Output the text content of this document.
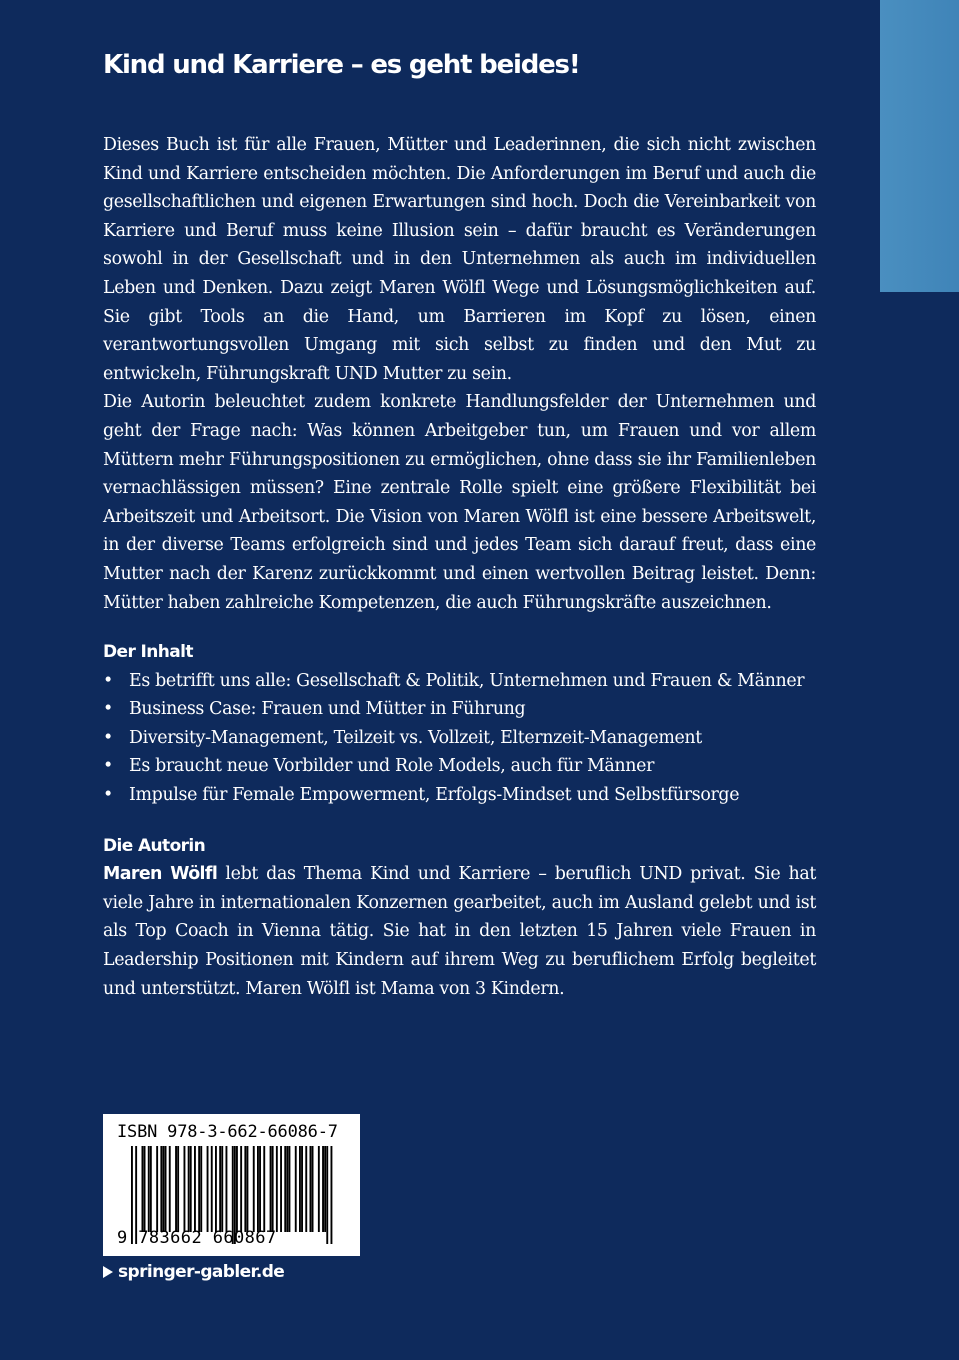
Kind und Karriere – es geht beides!

Dieses Buch ist für alle Frauen, Mütter und Leaderinnen, die sich nicht zwischen Kind und Karriere entscheiden möchten. Die Anforderungen im Beruf und auch die gesellschaftlichen und eigenen Erwartungen sind hoch. Doch die Vereinbarkeit von Karriere und Beruf muss keine Illusion sein – dafür braucht es Veränderungen sowohl in der Gesellschaft und in den Unternehmen als auch im individuellen Leben und Denken. Dazu zeigt Maren Wölfl Wege und Lösungsmöglichkeiten auf. Sie gibt Tools an die Hand, um Barrieren im Kopf zu lösen, einen verantwortungsvollen Umgang mit sich selbst zu finden und den Mut zu entwickeln, Führungskraft UND Mutter zu sein.

Die Autorin beleuchtet zudem konkrete Handlungsfelder der Unternehmen und geht der Frage nach: Was können Arbeitgeber tun, um Frauen und vor allem Müttern mehr Führungspositionen zu ermöglichen, ohne dass sie ihr Familienleben vernachlässigen müssen? Eine zentrale Rolle spielt eine größere Flexibilität bei Arbeitszeit und Arbeitsort. Die Vision von Maren Wölfl ist eine bessere Arbeitswelt, in der diverse Teams erfolgreich sind und jedes Team sich darauf freut, dass eine Mutter nach der Karenz zurückkommt und einen wertvollen Beitrag leistet. Denn: Mütter haben zahlreiche Kompetenzen, die auch Führungskräfte auszeichnen.

Der Inhalt
• Es betrifft uns alle: Gesellschaft & Politik, Unternehmen und Frauen & Männer
• Business Case: Frauen und Mütter in Führung
• Diversity-Management, Teilzeit vs. Vollzeit, Elternzeit-Management
• Es braucht neue Vorbilder und Role Models, auch für Männer
• Impulse für Female Empowerment, Erfolgs-Mindset und Selbstfürsorge
Die Autorin

Maren Wölfl lebt das Thema Kind und Karriere – beruflich UND privat. Sie hat viele Jahre in internationalen Konzernen gearbeitet, auch im Ausland gelebt und ist als Top Coach in Vienna tätig. Sie hat in den letzten 15 Jahren viele Frauen in Leadership Positionen mit Kindern auf ihrem Weg zu beruflichem Erfolg begleitet und unterstützt. Maren Wölfl ist Mama von 3 Kindern.

ISBN 978-3-662-66086-7
9 783662 660867
springer-gabler.de
